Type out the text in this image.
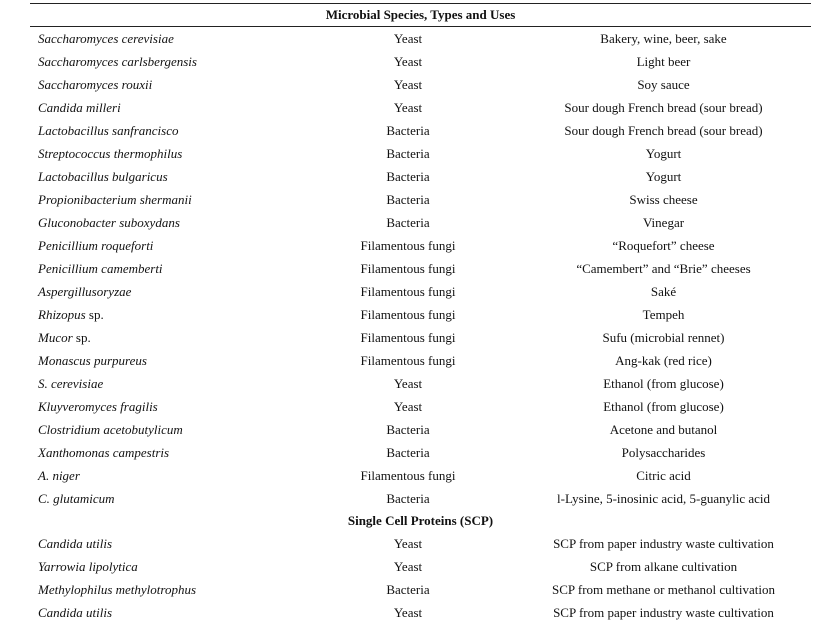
Microbial Species, Types and Uses
Saccharomyces cerevisiae	Yeast	Bakery, wine, beer, sake
Saccharomyces carlsbergensis	Yeast	Light beer
Saccharomyces rouxii	Yeast	Soy sauce
Candida milleri	Yeast	Sour dough French bread (sour bread)
Lactobacillus sanfrancisco	Bacteria	Sour dough French bread (sour bread)
Streptococcus thermophilus	Bacteria	Yogurt
Lactobacillus bulgaricus	Bacteria	Yogurt
Propionibacterium shermanii	Bacteria	Swiss cheese
Gluconobacter suboxydans	Bacteria	Vinegar
Penicillium roqueforti	Filamentous fungi	“Roquefort” cheese
Penicillium camemberti	Filamentous fungi	“Camembert” and “Brie” cheeses
Aspergillusoryzae	Filamentous fungi	Saké
Rhizopus sp.	Filamentous fungi	Tempeh
Mucor sp.	Filamentous fungi	Sufu (microbial rennet)
Monascus purpureus	Filamentous fungi	Ang-kak (red rice)
S. cerevisiae	Yeast	Ethanol (from glucose)
Kluyveromyces fragilis	Yeast	Ethanol (from glucose)
Clostridium acetobutylicum	Bacteria	Acetone and butanol
Xanthomonas campestris	Bacteria	Polysaccharides
A. niger	Filamentous fungi	Citric acid
C. glutamicum	Bacteria	l-Lysine, 5-inosinic acid, 5-guanylic acid
Single Cell Proteins (SCP)
Candida utilis	Yeast	SCP from paper industry waste cultivation
Yarrowia lipolytica	Yeast	SCP from alkane cultivation
Methylophilus methylotrophus	Bacteria	SCP from methane or methanol cultivation
Candida utilis	Yeast	SCP from paper industry waste cultivation
